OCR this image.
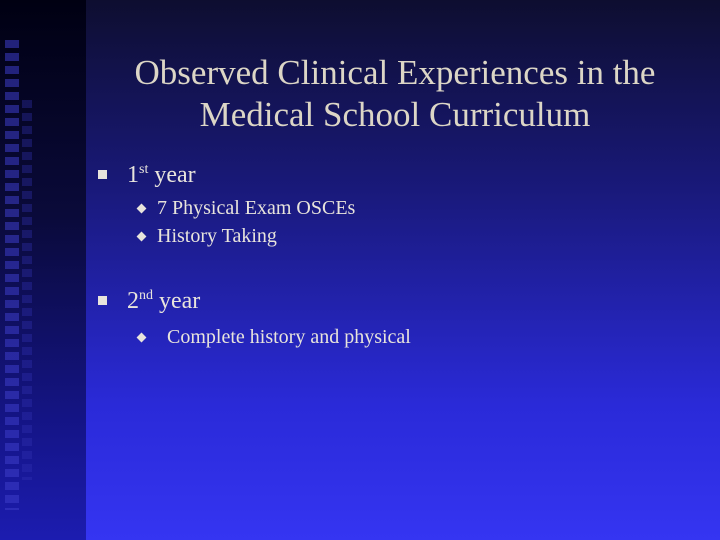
Observed Clinical Experiences in the
Medical School Curriculum
1st year
7 Physical Exam OSCEs
History Taking
2nd year
Complete history and physical
